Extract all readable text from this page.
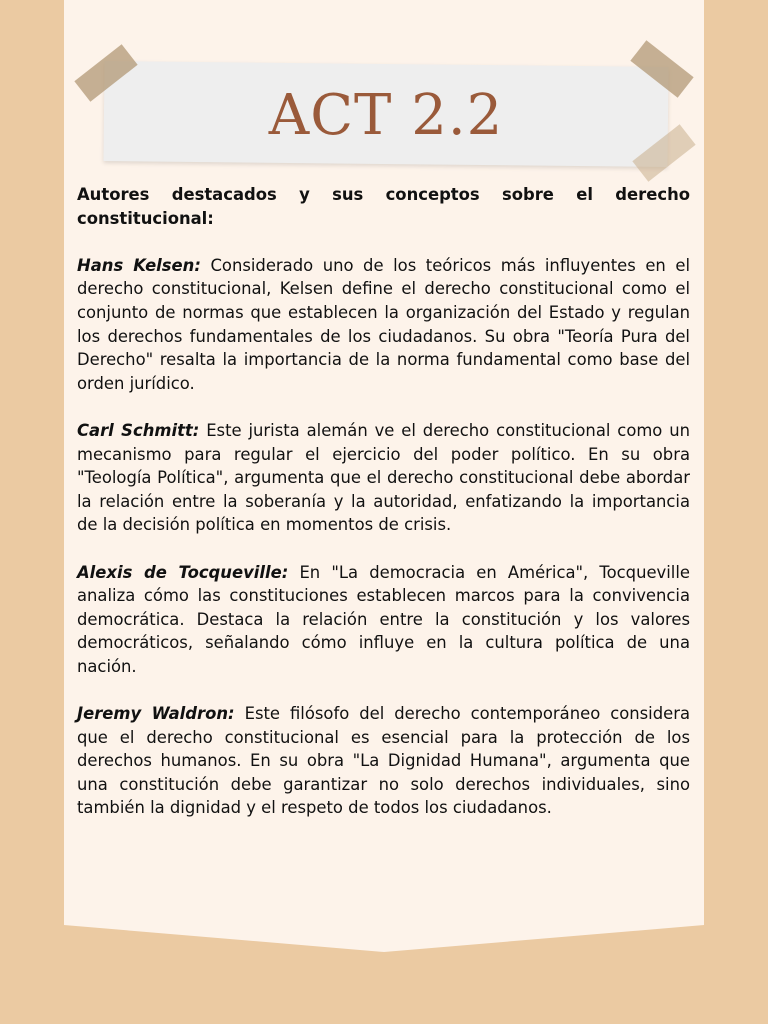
ACT 2.2

Autores destacados y sus conceptos sobre el derecho constitucional:

Hans Kelsen: Considerado uno de los teóricos más influyentes en el derecho constitucional, Kelsen define el derecho constitucional como el conjunto de normas que establecen la organización del Estado y regulan los derechos fundamentales de los ciudadanos. Su obra "Teoría Pura del Derecho" resalta la importancia de la norma fundamental como base del orden jurídico.

Carl Schmitt: Este jurista alemán ve el derecho constitucional como un mecanismo para regular el ejercicio del poder político. En su obra "Teología Política", argumenta que el derecho constitucional debe abordar la relación entre la soberanía y la autoridad, enfatizando la importancia de la decisión política en momentos de crisis.

Alexis de Tocqueville: En "La democracia en América", Tocqueville analiza cómo las constituciones establecen marcos para la convivencia democrática. Destaca la relación entre la constitución y los valores democráticos, señalando cómo influye en la cultura política de una nación.

Jeremy Waldron: Este filósofo del derecho contemporáneo considera que el derecho constitucional es esencial para la protección de los derechos humanos. En su obra "La Dignidad Humana", argumenta que una constitución debe garantizar no solo derechos individuales, sino también la dignidad y el respeto de todos los ciudadanos.
